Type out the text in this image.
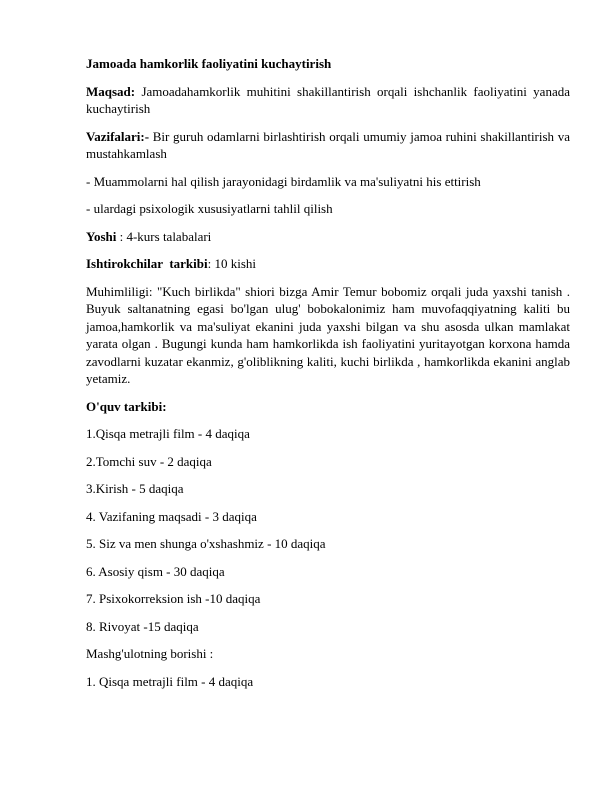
Jamoada hamkorlik faoliyatini kuchaytirish

Maqsad: Jamoadahamkorlik muhitini shakillantirish orqali ishchanlik faoliyatini yanada kuchaytirish

Vazifalari:- Bir guruh odamlarni birlashtirish orqali umumiy jamoa ruhini shakillantirish va mustahkamlash

- Muammolarni hal qilish jarayonidagi birdamlik va ma'suliyatni his ettirish

- ulardagi psixologik xususiyatlarni tahlil qilish

Yoshi : 4-kurs talabalari

Ishtirokchilar  tarkibi: 10 kishi

Muhimliligi: "Kuch birlikda" shiori bizga Amir Temur bobomiz orqali juda yaxshi tanish . Buyuk saltanatning egasi bo'lgan ulug' bobokalonimiz ham muvofaqqiyatning kaliti bu jamoa,hamkorlik va ma'suliyat ekanini juda yaxshi bilgan va shu asosda ulkan mamlakat yarata olgan . Bugungi kunda ham hamkorlikda ish faoliyatini yuritayotgan korxona hamda zavodlarni kuzatar ekanmiz, g'oliblikning kaliti, kuchi birlikda , hamkorlikda ekanini anglab yetamiz.

O'quv tarkibi:

1.Qisqa metrajli film - 4 daqiqa

2.Tomchi suv - 2 daqiqa

3.Kirish - 5 daqiqa

4. Vazifaning maqsadi - 3 daqiqa

5. Siz va men shunga o'xshashmiz - 10 daqiqa

6. Asosiy qism - 30 daqiqa

7. Psixokorreksion ish -10 daqiqa

8. Rivoyat -15 daqiqa

Mashg'ulotning borishi :

1. Qisqa metrajli film - 4 daqiqa
